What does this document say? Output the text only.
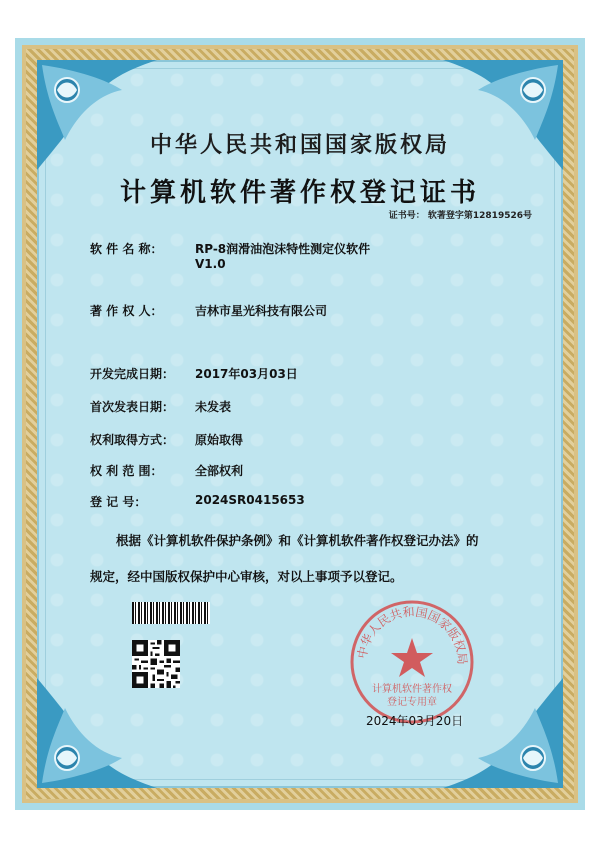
中华人民共和国国家版权局
计算机软件著作权登记证书
证书号： 软著登字第12819526号
软 件 名 称：	RP-8润滑油泡沫特性测定仪软件
V1.0
著 作 权 人：	吉林市星光科技有限公司
开发完成日期： 2017年03月03日
首次发表日期： 未发表
权利取得方式： 原始取得
权 利 范 围：	全部权利
登 记 号：	2024SR0415653
根据《计算机软件保护条例》和《计算机软件著作权登记办法》的
规定，经中国版权保护中心审核，对以上事项予以登记。
中华人民共和国国家版权局
计算机软件著作权
登记专用章
2024年03月20日
